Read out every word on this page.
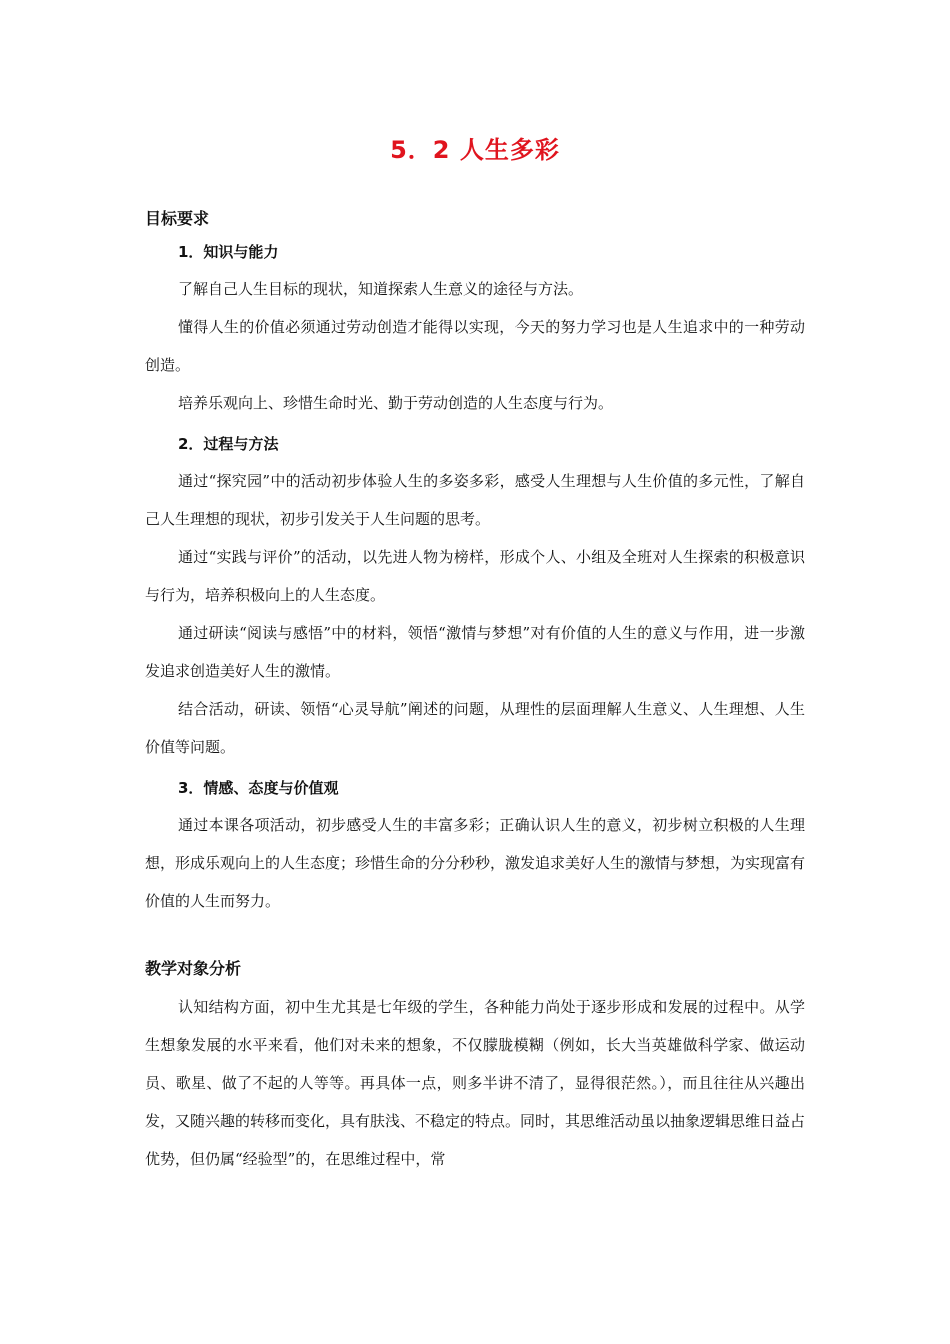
5．2 人生多彩
目标要求
1．知识与能力

了解自己人生目标的现状，知道探索人生意义的途径与方法。

懂得人生的价值必须通过劳动创造才能得以实现，今天的努力学习也是人生追求中的一种劳动创造。

培养乐观向上、珍惜生命时光、勤于劳动创造的人生态度与行为。

2．过程与方法

通过“探究园”中的活动初步体验人生的多姿多彩，感受人生理想与人生价值的多元性，了解自己人生理想的现状，初步引发关于人生问题的思考。

通过“实践与评价”的活动，以先进人物为榜样，形成个人、小组及全班对人生探索的积极意识与行为，培养积极向上的人生态度。

通过研读“阅读与感悟”中的材料，领悟“激情与梦想”对有价值的人生的意义与作用，进一步激发追求创造美好人生的激情。

结合活动，研读、领悟“心灵导航”阐述的问题，从理性的层面理解人生意义、人生理想、人生价值等问题。

3．情感、态度与价值观

通过本课各项活动，初步感受人生的丰富多彩；正确认识人生的意义，初步树立积极的人生理想，形成乐观向上的人生态度；珍惜生命的分分秒秒，激发追求美好人生的激情与梦想，为实现富有价值的人生而努力。

教学对象分析

认知结构方面，初中生尤其是七年级的学生，各种能力尚处于逐步形成和发展的过程中。从学生想象发展的水平来看，他们对未来的想象，不仅朦胧模糊（例如，长大当英雄做科学家、做运动员、歌星、做了不起的人等等。再具体一点，则多半讲不清了，显得很茫然。），而且往往从兴趣出发，又随兴趣的转移而变化，具有肤浅、不稳定的特点。同时，其思维活动虽以抽象逻辑思维日益占优势，但仍属“经验型”的，在思维过程中，常
